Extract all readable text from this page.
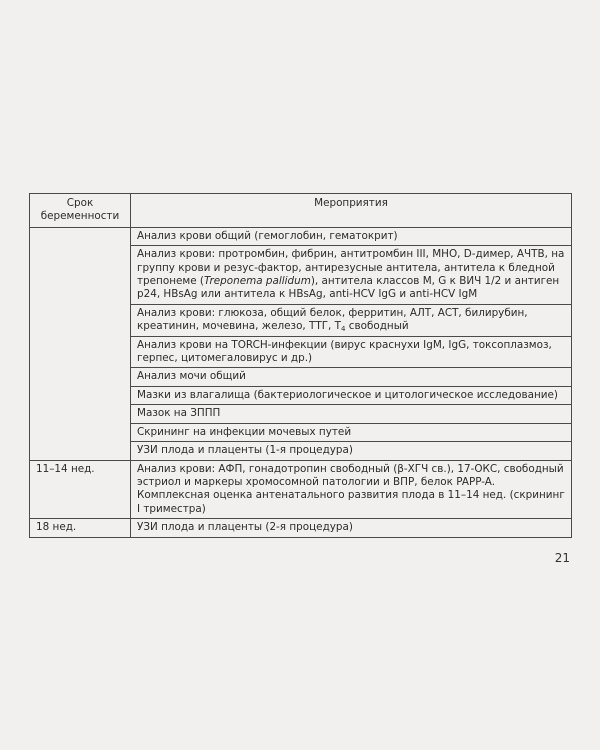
Срок беременности	Мероприятия
	Анализ крови общий (гемоглобин, гематокрит)
	Анализ крови: протромбин, фибрин, антитромбин III, МНО, D-димер, АЧТВ, на группу крови и резус-фактор, антирезусные антитела, антитела к бледной трепонеме (Treponema pallidum), антитела классов М, G к ВИЧ 1/2 и антиген р24, HBsAg или антитела к HBsAg, anti-HCV IgG и anti-HCV IgM
	Анализ крови: глюкоза, общий белок, ферритин, АЛТ, АСТ, билирубин, креатинин, мочевина, железо, ТТГ, $Т_4$ свободный
	Анализ крови на TORCH-инфекции (вирус краснухи IgM, IgG, токсоплазмоз, герпес, цитомегаловирус и др.)
	Анализ мочи общий
	Мазки из влагалища (бактериологическое и цитологическое исследование)
	Мазок на ЗППП
	Скрининг на инфекции мочевых путей
	УЗИ плода и плаценты (1-я процедура)
11–14 нед.	Анализ крови: АФП, гонадотропин свободный (β-ХГЧ св.), 17-ОКС, свободный эстриол и маркеры хромосомной патологии и ВПР, белок PAPP-A. Комплексная оценка антенатального развития плода в 11–14 нед. (скрининг I триместра)
18 нед.	УЗИ плода и плаценты (2-я процедура)
21
